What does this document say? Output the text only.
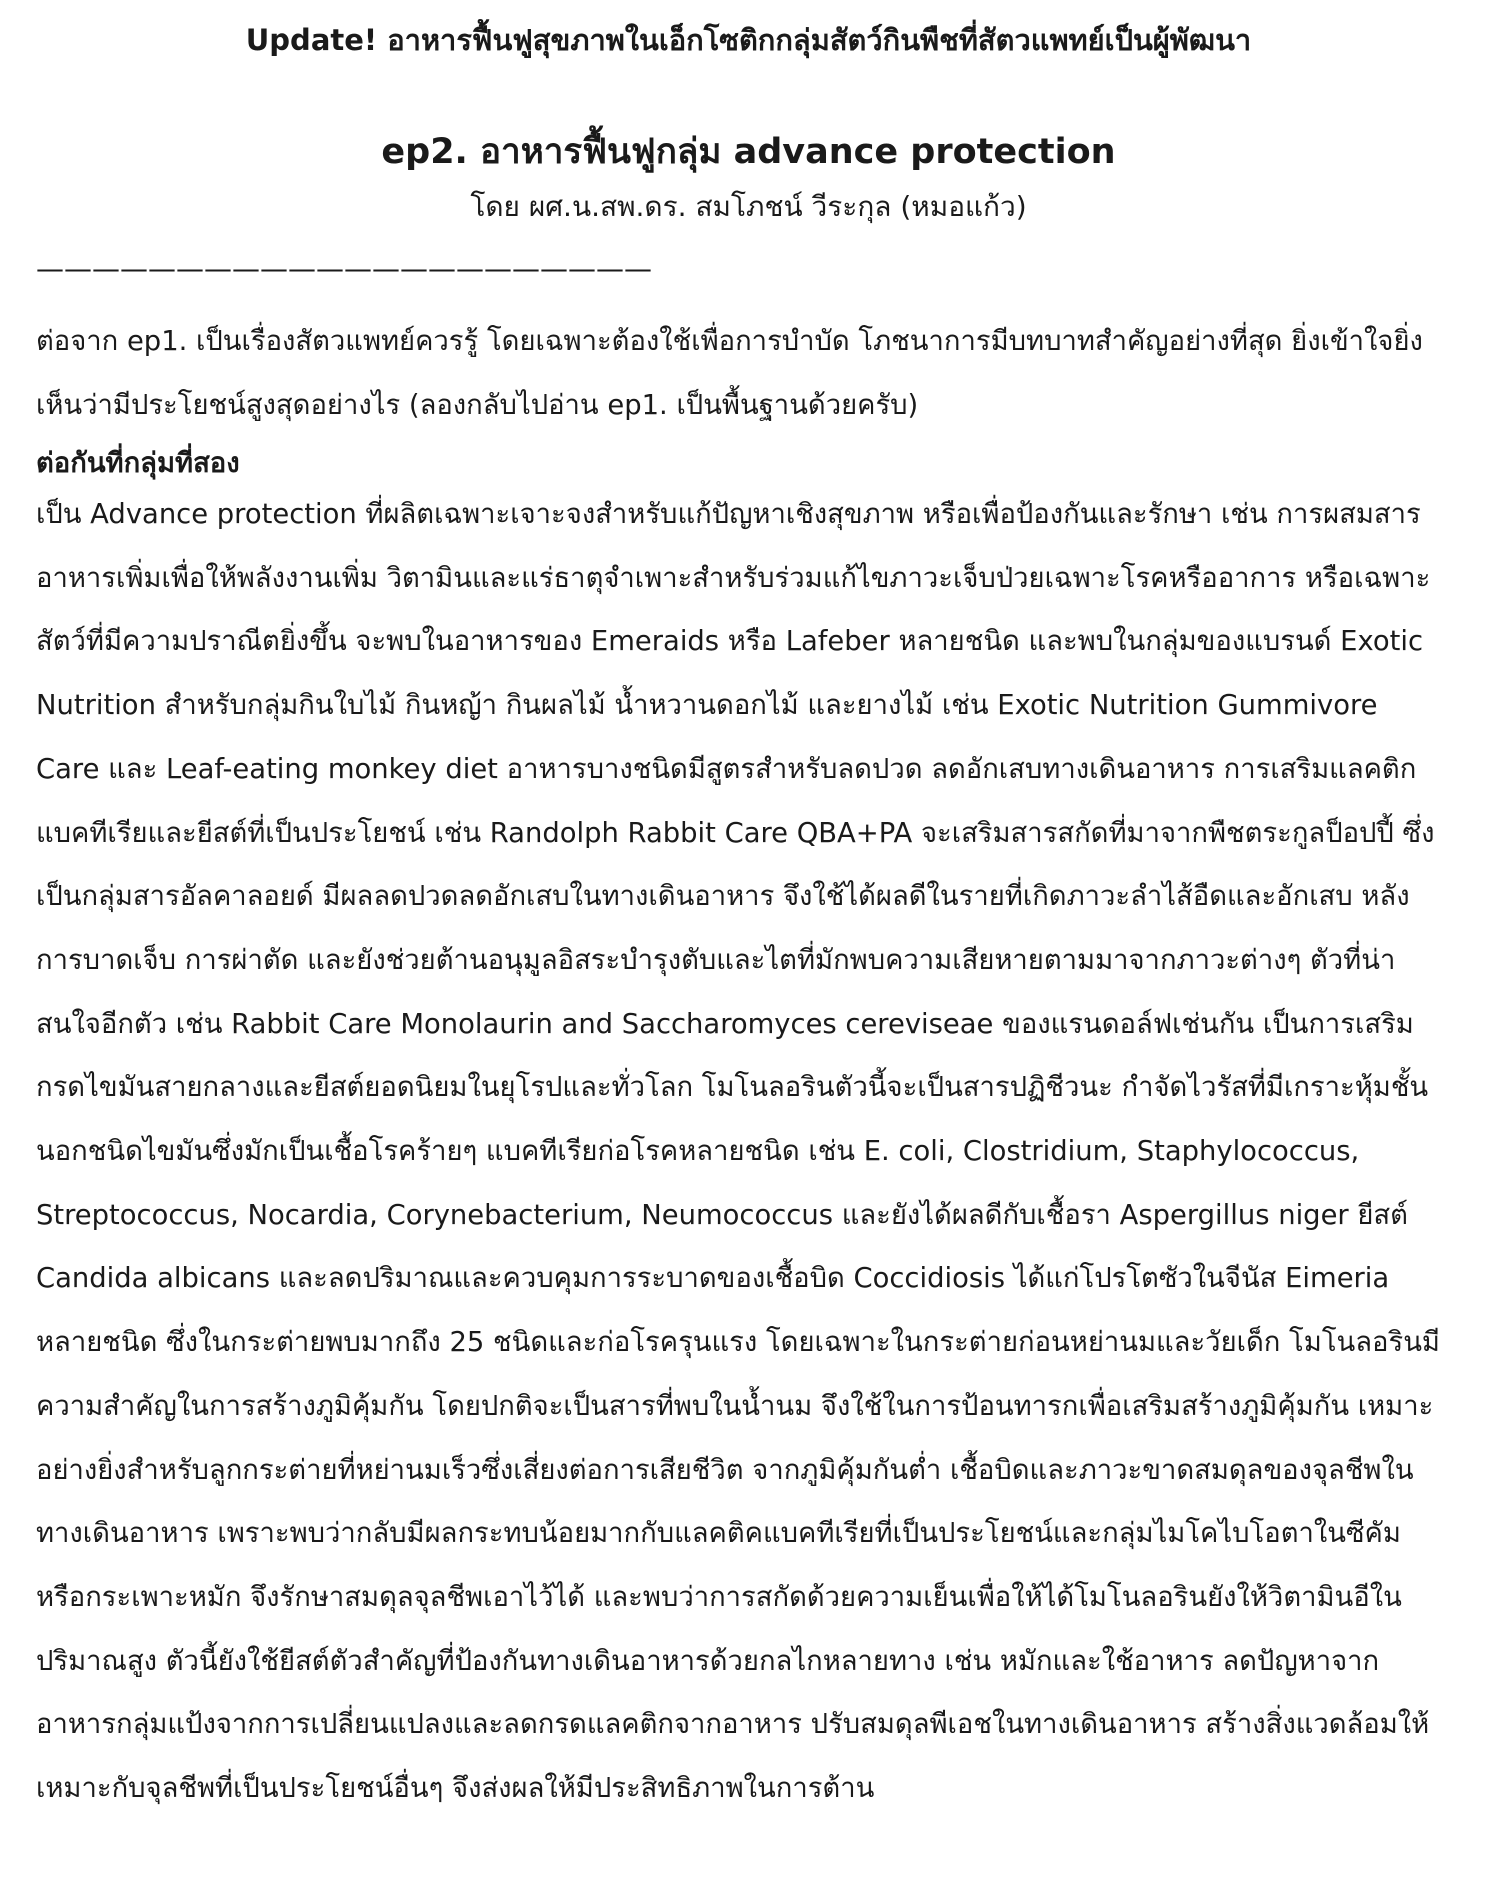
Update! อาหารฟื้นฟูสุขภาพในเอ็กโซติกกลุ่มสัตว์กินพืชที่สัตวแพทย์เป็นผู้พัฒนา
ep2. อาหารฟื้นฟูกลุ่ม advance protection
โดย ผศ.น.สพ.ดร. สมโภชน์ วีระกุล (หมอแก้ว)
——————————————————————

ต่อจาก ep1. เป็นเรื่องสัตวแพทย์ควรรู้ โดยเฉพาะต้องใช้เพื่อการบำบัด โภชนาการมีบทบาทสำคัญอย่างที่สุด ยิ่งเข้าใจยิ่งเห็นว่ามีประโยชน์สูงสุดอย่างไร (ลองกลับไปอ่าน ep1. เป็นพื้นฐานด้วยครับ)

ต่อกันที่กลุ่มที่สอง

เป็น Advance protection ที่ผลิตเฉพาะเจาะจงสำหรับแก้ปัญหาเชิงสุขภาพ หรือเพื่อป้องกันและรักษา เช่น การผสมสารอาหารเพิ่มเพื่อให้พลังงานเพิ่ม วิตามินและแร่ธาตุจำเพาะสำหรับร่วมแก้ไขภาวะเจ็บป่วยเฉพาะโรคหรืออาการ หรือเฉพาะสัตว์ที่มีความปราณีตยิ่งขึ้น จะพบในอาหารของ Emeraids หรือ Lafeber หลายชนิด และพบในกลุ่มของแบรนด์ Exotic Nutrition สำหรับกลุ่มกินใบไม้ กินหญ้า กินผลไม้ น้ำหวานดอกไม้ และยางไม้ เช่น Exotic Nutrition Gummivore Care และ Leaf-eating monkey diet อาหารบางชนิดมีสูตรสำหรับลดปวด ลดอักเสบทางเดินอาหาร การเสริมแลคติกแบคทีเรียและยีสต์ที่เป็นประโยชน์ เช่น Randolph Rabbit Care QBA+PA จะเสริมสารสกัดที่มาจากพืชตระกูลป็อปปี้ ซึ่งเป็นกลุ่มสารอัลคาลอยด์ มีผลลดปวดลดอักเสบในทางเดินอาหาร จึงใช้ได้ผลดีในรายที่เกิดภาวะลำไส้อืดและอักเสบ หลังการบาดเจ็บ การผ่าตัด และยังช่วยต้านอนุมูลอิสระบำรุงตับและไตที่มักพบความเสียหายตามมาจากภาวะต่างๆ ตัวที่น่าสนใจอีกตัว เช่น Rabbit Care Monolaurin and Saccharomyces cereviseae ของแรนดอล์ฟเช่นกัน เป็นการเสริมกรดไขมันสายกลางและยีสต์ยอดนิยมในยุโรปและทั่วโลก โมโนลอรินตัวนี้จะเป็นสารปฏิชีวนะ กำจัดไวรัสที่มีเกราะหุ้มชั้นนอกชนิดไขมันซึ่งมักเป็นเชื้อโรคร้ายๆ แบคทีเรียก่อโรคหลายชนิด เช่น E. coli, Clostridium, Staphylococcus, Streptococcus, Nocardia, Corynebacterium, Neumococcus และยังได้ผลดีกับเชื้อรา Aspergillus niger ยีสต์ Candida albicans และลดปริมาณและควบคุมการระบาดของเชื้อบิด Coccidiosis ได้แก่โปรโตซัวในจีนัส Eimeria หลายชนิด ซึ่งในกระต่ายพบมากถึง 25 ชนิดและก่อโรครุนแรง โดยเฉพาะในกระต่ายก่อนหย่านมและวัยเด็ก โมโนลอรินมีความสำคัญในการสร้างภูมิคุ้มกัน โดยปกติจะเป็นสารที่พบในน้ำนม จึงใช้ในการป้อนทารกเพื่อเสริมสร้างภูมิคุ้มกัน เหมาะอย่างยิ่งสำหรับลูกกระต่ายที่หย่านมเร็วซึ่งเสี่ยงต่อการเสียชีวิต จากภูมิคุ้มกันต่ำ เชื้อบิดและภาวะขาดสมดุลของจุลชีพในทางเดินอาหาร เพราะพบว่ากลับมีผลกระทบน้อยมากกับแลคติคแบคทีเรียที่เป็นประโยชน์และกลุ่มไมโคไบโอตาในซีคัมหรือกระเพาะหมัก จึงรักษาสมดุลจุลชีพเอาไว้ได้ และพบว่าการสกัดด้วยความเย็นเพื่อให้ได้โมโนลอรินยังให้วิตามินอีในปริมาณสูง ตัวนี้ยังใช้ยีสต์ตัวสำคัญที่ป้องกันทางเดินอาหารด้วยกลไกหลายทาง เช่น หมักและใช้อาหาร ลดปัญหาจากอาหารกลุ่มแป้งจากการเปลี่ยนแปลงและลดกรดแลคติกจากอาหาร ปรับสมดุลพีเอชในทางเดินอาหาร สร้างสิ่งแวดล้อมให้เหมาะกับจุลชีพที่เป็นประโยชน์อื่นๆ จึงส่งผลให้มีประสิทธิภาพในการต้าน
